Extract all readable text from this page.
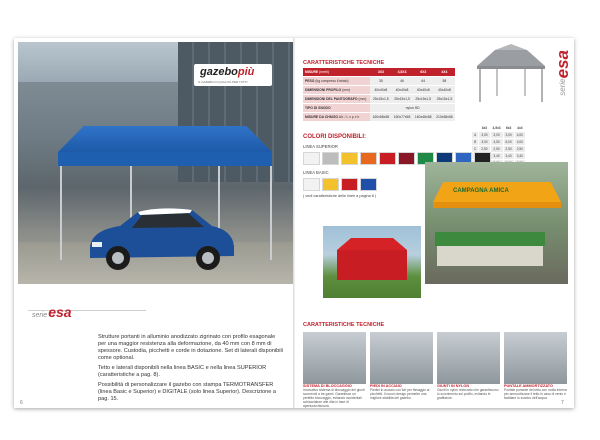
gazebopiù
IL GAZEBO DI QUALITÀ PER TUTTI
serieesa

Strutture portanti in alluminio anodizzato zigrinato con profilo esagonale per una maggior resistenza alla deformazione, da 40 mm con 8 mm di spessore. Custodia, picchetti e corde in dotazione. Set di laterali disponibili come optional.

Tetto e laterali disponibili nella linea BASIC e nella linea SUPERIOR (caratteristiche a pag. 8).

Possibilità di personalizzare il gazebo con stampa TERMOTRANSFER (linea Basic e Superior) e DIGITALE (solo linea Superior). Descrizione a pag. 15.

6
CARATTERISTICHE TECNICHE
MISURE (metri)	3X3	4,5X3	6X3	4X4
PESO (kg compreso il telaio)	35	46	64	58
DIMENSIONI PROFILO (mm)	40x40x8	40x40x8	40x40x8	40x40x8
DIMENSIONI DEL PANTOGRAFO (mm)	25x15x1,5	25x15x1,5	25x15x1,5	25x15x1,5
TIPO DI SNODO	nylon HD			
MISURE DA CHIUSO Alt. / L x p x h	160x58x58	160x77x58	160x48x58	210x58x58
serieesa
	3x3	4,5x3	6x3	4x4
A	3,00	3,00	3,00	4,00
B	3,00	4,50	6,00	4,00
C	2,50	2,50	2,50	2,50
		3,40	3,40	3,40

COLORI DISPONIBILI:
LINEA SUPERIOR
LINEA BASIC
( vedi caratteristiche delle linee a pagina 8 )
CAMPAGNA AMICA
CARATTERISTICHE TECNICHE
SISTEMA DI BLOCCAGGIO
Innovativo sistema di bloccaggio dei giunti scorrevoli a tre ganci. Garantisce un perfetto bloccaggio, evitando accidentali schiacciature alle dita in fase di apertura/chiusura.
PIEDI IN ACCIAIO
Piedini in acciaio con fori per fissaggio ai picchetti. Il nuovo design permette una migliore stabilità del gazebo.
GIUNTI IN NYLON
Giunti in nylon rinforzato che garantiscono lo scorrimento sul profilo, evitando le graffiature.
PUNTALE AMMORTIZZATO
Puntale portante del tetto con molla interna per ammortizzare il tetto in caso di vento e facilitare lo scarico dell'acqua.
7
